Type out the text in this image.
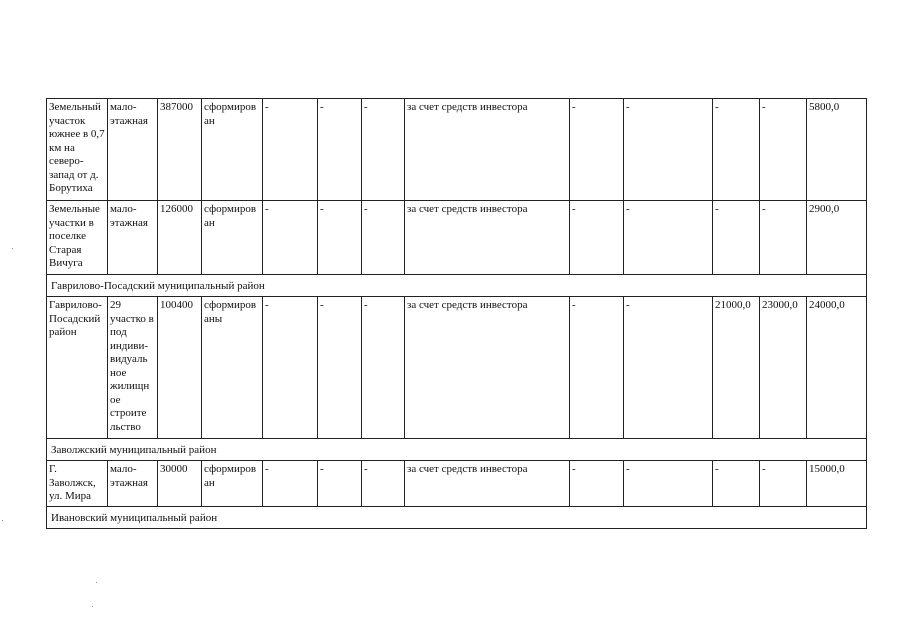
Земельный участок южнее в 0,7 км на северо-запад от д. Борутиха	мало-этажная	387000	сформиров ан	-	-	-	за счет средств инвестора	-	-	-	-	5800,0
Земельные участки в поселке Старая Вичуга	мало-этажная	126000	сформиров ан	-	-	-	за счет средств инвестора	-	-	-	-	2900,0
Гаврилово-Посадский муниципальный район												
Гаврилово-Посадский район	29 участко в под индиви-видуаль ное жилищн ое строите льство	100400	сформиров аны	-	-	-	за счет средств инвестора	-	-	21000,0	23000,0	24000,0
Заволжский муниципальный район												
Г. Заволжск, ул. Мира	мало-этажная	30000	сформиров ан	-	-	-	за счет средств инвестора	-	-	-	-	15000,0
Ивановский муниципальный район												
